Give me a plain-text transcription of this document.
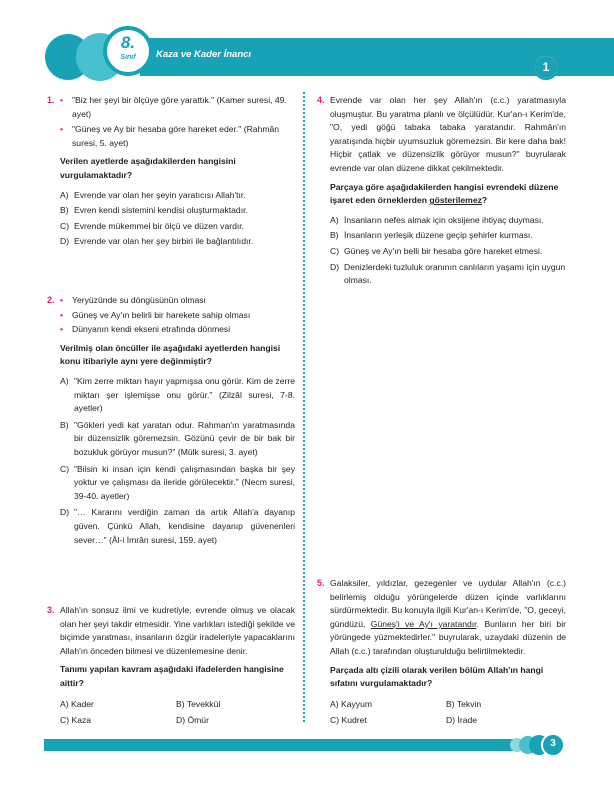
8.
Sınıf	Kaza ve Kader İnancı
Test	1
1. • "Biz her şeyi bir ölçüye göre yarattık." (Kamer suresi, 49. ayet)
• "Güneş ve Ay bir hesaba göre hareket eder." (Rahmân suresi, 5. ayet)

Verilen ayetlerde aşağıdakilerden hangisini vurgulamaktadır?

A) Evrende var olan her şeyin yaratıcısı Allah'tır.
B) Evren kendi sistemini kendisi oluşturmaktadır.
C) Evrende mükemmel bir ölçü ve düzen vardır.
D) Evrende var olan her şey birbiri ile bağlantılıdır.
2. • Yeryüzünde su döngüsünün olması
• Güneş ve Ay'ın belirli bir harekete sahip olması
• Dünyanın kendi ekseni etrafında dönmesi

Verilmiş olan öncüller ile aşağıdaki ayetlerden hangisi konu itibariyle aynı yere değinmiştir?

A) "Kim zerre miktarı hayır yapmışsa onu görür. Kim de zerre miktarı şer işlemişse onu görür." (Zilzâl suresi, 7-8. ayetler)
B) "Gökleri yedi kat yaratan odur. Rahman'ın yaratmasında bir düzensizlik göremezsin. Gözünü çevir de bir bak bir bozukluk görüyor musun?" (Mülk suresi, 3. ayet)
C) "Bilsin ki insan için kendi çalışmasından başka bir şey yoktur ve çalışması da ileride görülecektir." (Necm suresi, 39-40. ayetler)
D) "… Kararını verdiğin zaman da artık Allah'a dayanıp güven. Çünkü Allah, kendisine dayanıp güvenenleri sever…" (Âl-i İmrân suresi, 159. ayet)
3. Allah'ın sonsuz ilmi ve kudretiyle, evrende olmuş ve olacak olan her şeyi takdir etmesidir. Yine varlıkları istediği şekilde ve biçimde yaratması, insanların özgür iradeleriyle yapacaklarını Allah'ın önceden bilmesi ve düzenlemesine denir.

Tanımı yapılan kavram aşağıdaki ifadelerden hangisine aittir?

A) Kader	B) Tevekkül
C) Kaza	D) Ömür
4. Evrende var olan her şey Allah'ın (c.c.) yaratmasıyla oluşmuştur. Bu yaratma planlı ve ölçülüdür. Kur'an-ı Kerim'de, "O, yedi göğü tabaka tabaka yaratandır. Rahmân'ın yaratışında hiçbir uyumsuzluk göremezsin. Bir kere daha bak! Hiçbir çatlak ve düzensizlik görüyor musun?" buyrularak evrende var olan düzene dikkat çekilmektedir.

Parçaya göre aşağıdakilerden hangisi evrendeki düzene işaret eden örneklerden gösterilemez?

A) İnsanların nefes almak için oksijene ihtiyaç duyması.
B) İnsanların yerleşik düzene geçip şehirler kurması.
C) Güneş ve Ay'ın belli bir hesaba göre hareket etmesi.
D) Denizlerdeki tuzluluk oranının canlıların yaşamı için uygun olması.
5. Galaksiler, yıldızlar, gezegenler ve uydular Allah'ın (c.c.) belirlemiş olduğu yörüngelerde düzen içinde varlıklarını sürdürmektedir. Bu konuyla ilgili Kur'an-ı Kerim'de, "O, geceyi, gündüzü, Güneş'i ve Ay'ı yaratandır. Bunların her biri bir yörüngede yüzmektedirler." buyrularak, uzaydaki düzenin de Allah (c.c.) tarafından oluşturulduğu belirtilmektedir.

Parçada altı çizili olarak verilen bölüm Allah'ın hangi sıfatını vurgulamaktadır?

A) Kayyum	B) Tekvin
C) Kudret	D) İrade
3
